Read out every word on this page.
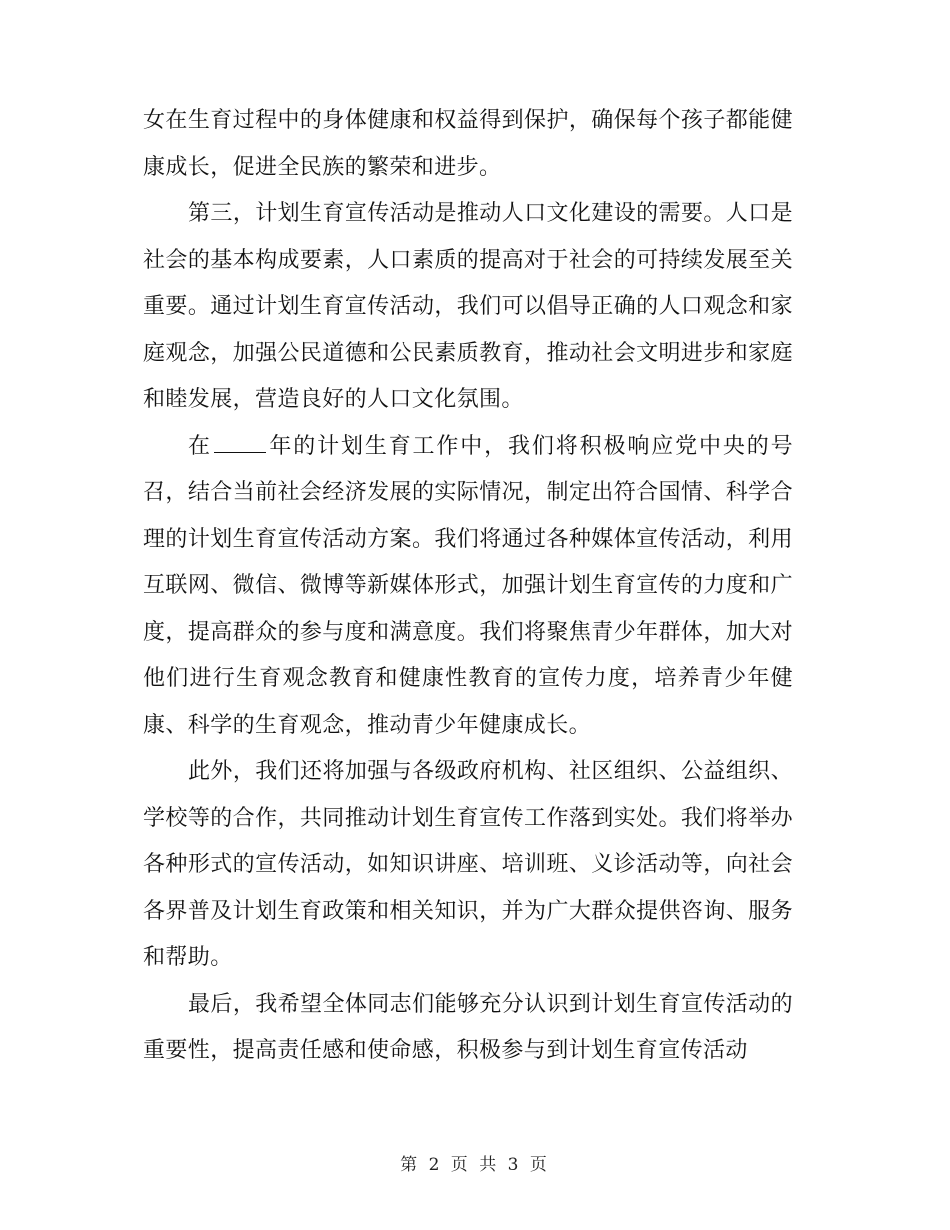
女在生育过程中的身体健康和权益得到保护，确保每个孩子都能健康成长，促进全民族的繁荣和进步。

第三，计划生育宣传活动是推动人口文化建设的需要。人口是社会的基本构成要素，人口素质的提高对于社会的可持续发展至关重要。通过计划生育宣传活动，我们可以倡导正确的人口观念和家庭观念，加强公民道德和公民素质教育，推动社会文明进步和家庭和睦发展，营造良好的人口文化氛围。

在	年的计划生育工作中，我们将积极响应党中央的号召，结合当前社会经济发展的实际情况，制定出符合国情、科学合理的计划生育宣传活动方案。我们将通过各种媒体宣传活动，利用互联网、微信、微博等新媒体形式，加强计划生育宣传的力度和广度，提高群众的参与度和满意度。我们将聚焦青少年群体，加大对他们进行生育观念教育和健康性教育的宣传力度，培养青少年健康、科学的生育观念，推动青少年健康成长。

此外，我们还将加强与各级政府机构、社区组织、公益组织、学校等的合作，共同推动计划生育宣传工作落到实处。我们将举办各种形式的宣传活动，如知识讲座、培训班、义诊活动等，向社会各界普及计划生育政策和相关知识，并为广大群众提供咨询、服务和帮助。

最后，我希望全体同志们能够充分认识到计划生育宣传活动的重要性，提高责任感和使命感，积极参与到计划生育宣传活动

第 2 页 共 3 页
